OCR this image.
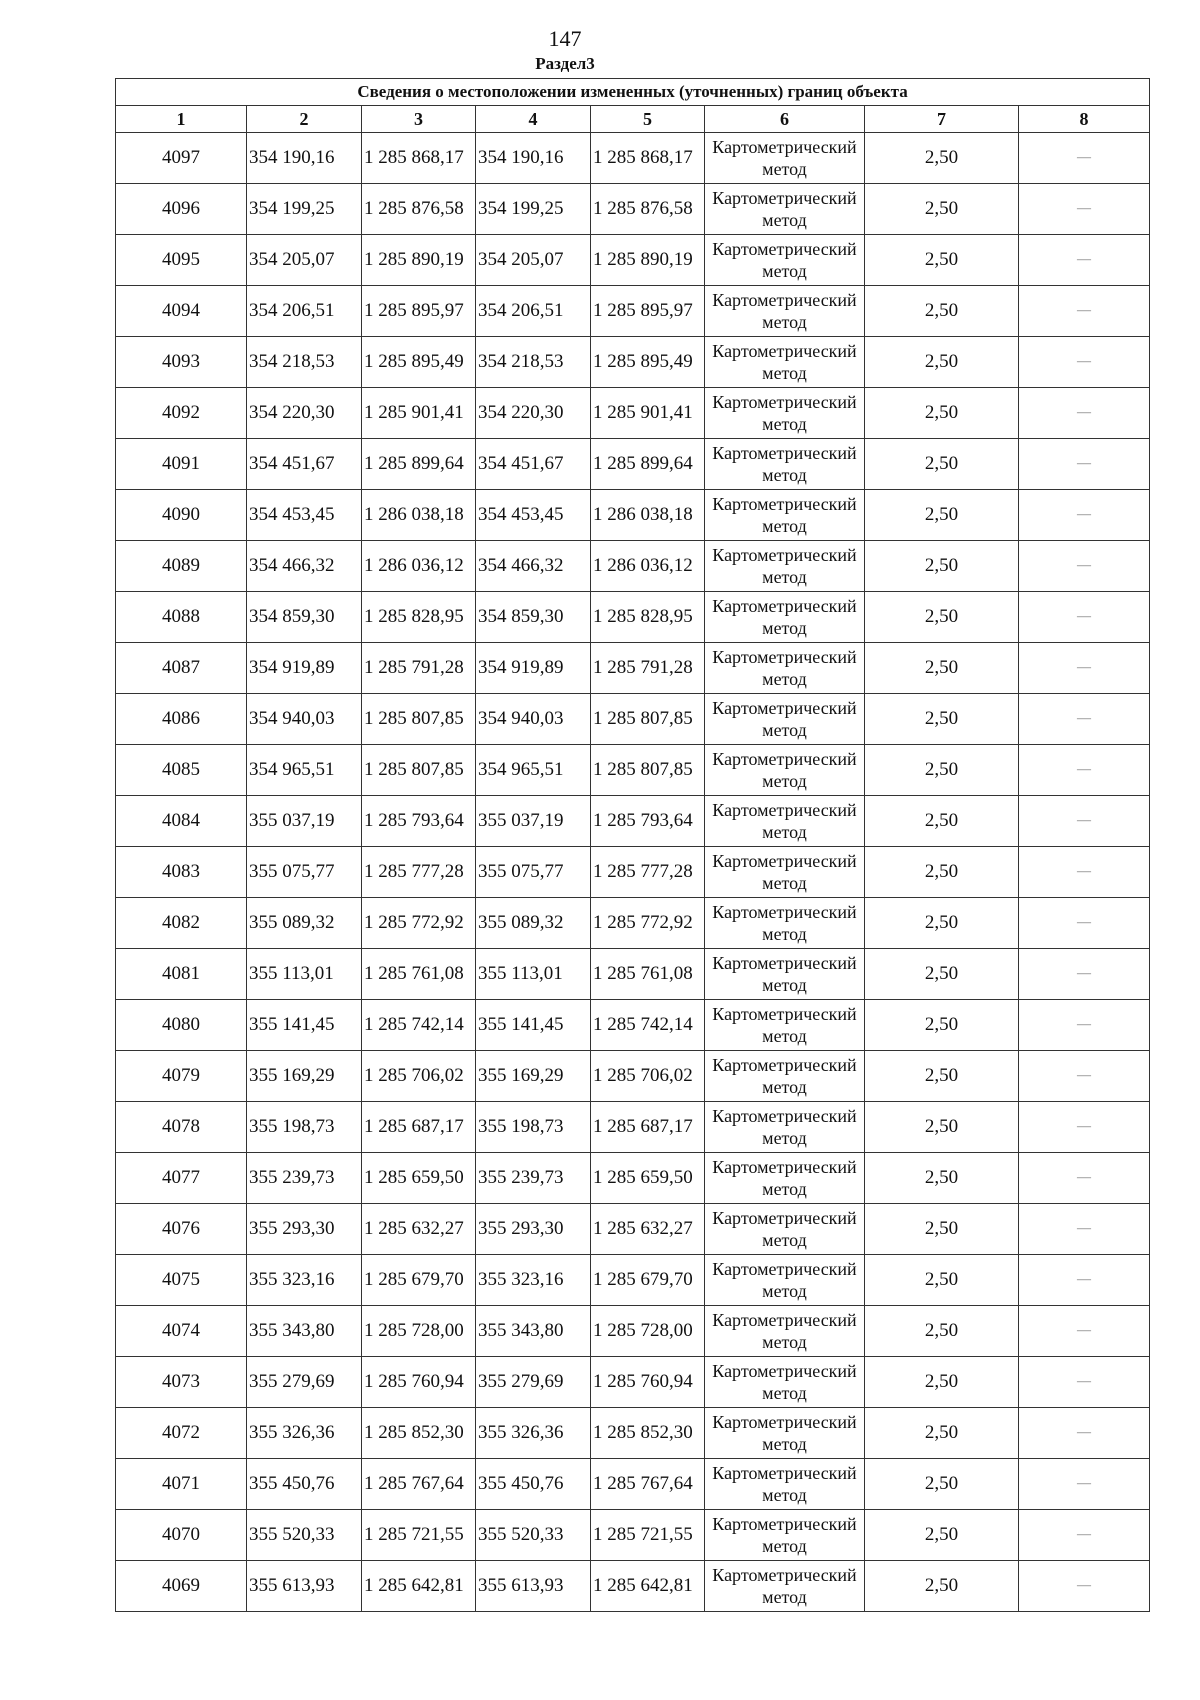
147
Раздел3
Сведения о местоположении измененных (уточненных) границ объекта							
1	2	3	4	5	6	7	8
4097	354 190,16	1 285 868,17	354 190,16	1 285 868,17	Картометрический метод	2,50	—
4096	354 199,25	1 285 876,58	354 199,25	1 285 876,58	Картометрический метод	2,50	—
4095	354 205,07	1 285 890,19	354 205,07	1 285 890,19	Картометрический метод	2,50	—
4094	354 206,51	1 285 895,97	354 206,51	1 285 895,97	Картометрический метод	2,50	—
4093	354 218,53	1 285 895,49	354 218,53	1 285 895,49	Картометрический метод	2,50	—
4092	354 220,30	1 285 901,41	354 220,30	1 285 901,41	Картометрический метод	2,50	—
4091	354 451,67	1 285 899,64	354 451,67	1 285 899,64	Картометрический метод	2,50	—
4090	354 453,45	1 286 038,18	354 453,45	1 286 038,18	Картометрический метод	2,50	—
4089	354 466,32	1 286 036,12	354 466,32	1 286 036,12	Картометрический метод	2,50	—
4088	354 859,30	1 285 828,95	354 859,30	1 285 828,95	Картометрический метод	2,50	—
4087	354 919,89	1 285 791,28	354 919,89	1 285 791,28	Картометрический метод	2,50	—
4086	354 940,03	1 285 807,85	354 940,03	1 285 807,85	Картометрический метод	2,50	—
4085	354 965,51	1 285 807,85	354 965,51	1 285 807,85	Картометрический метод	2,50	—
4084	355 037,19	1 285 793,64	355 037,19	1 285 793,64	Картометрический метод	2,50	—
4083	355 075,77	1 285 777,28	355 075,77	1 285 777,28	Картометрический метод	2,50	—
4082	355 089,32	1 285 772,92	355 089,32	1 285 772,92	Картометрический метод	2,50	—
4081	355 113,01	1 285 761,08	355 113,01	1 285 761,08	Картометрический метод	2,50	—
4080	355 141,45	1 285 742,14	355 141,45	1 285 742,14	Картометрический метод	2,50	—
4079	355 169,29	1 285 706,02	355 169,29	1 285 706,02	Картометрический метод	2,50	—
4078	355 198,73	1 285 687,17	355 198,73	1 285 687,17	Картометрический метод	2,50	—
4077	355 239,73	1 285 659,50	355 239,73	1 285 659,50	Картометрический метод	2,50	—
4076	355 293,30	1 285 632,27	355 293,30	1 285 632,27	Картометрический метод	2,50	—
4075	355 323,16	1 285 679,70	355 323,16	1 285 679,70	Картометрический метод	2,50	—
4074	355 343,80	1 285 728,00	355 343,80	1 285 728,00	Картометрический метод	2,50	—
4073	355 279,69	1 285 760,94	355 279,69	1 285 760,94	Картометрический метод	2,50	—
4072	355 326,36	1 285 852,30	355 326,36	1 285 852,30	Картометрический метод	2,50	—
4071	355 450,76	1 285 767,64	355 450,76	1 285 767,64	Картометрический метод	2,50	—
4070	355 520,33	1 285 721,55	355 520,33	1 285 721,55	Картометрический метод	2,50	—
4069	355 613,93	1 285 642,81	355 613,93	1 285 642,81	Картометрический метод	2,50	—
